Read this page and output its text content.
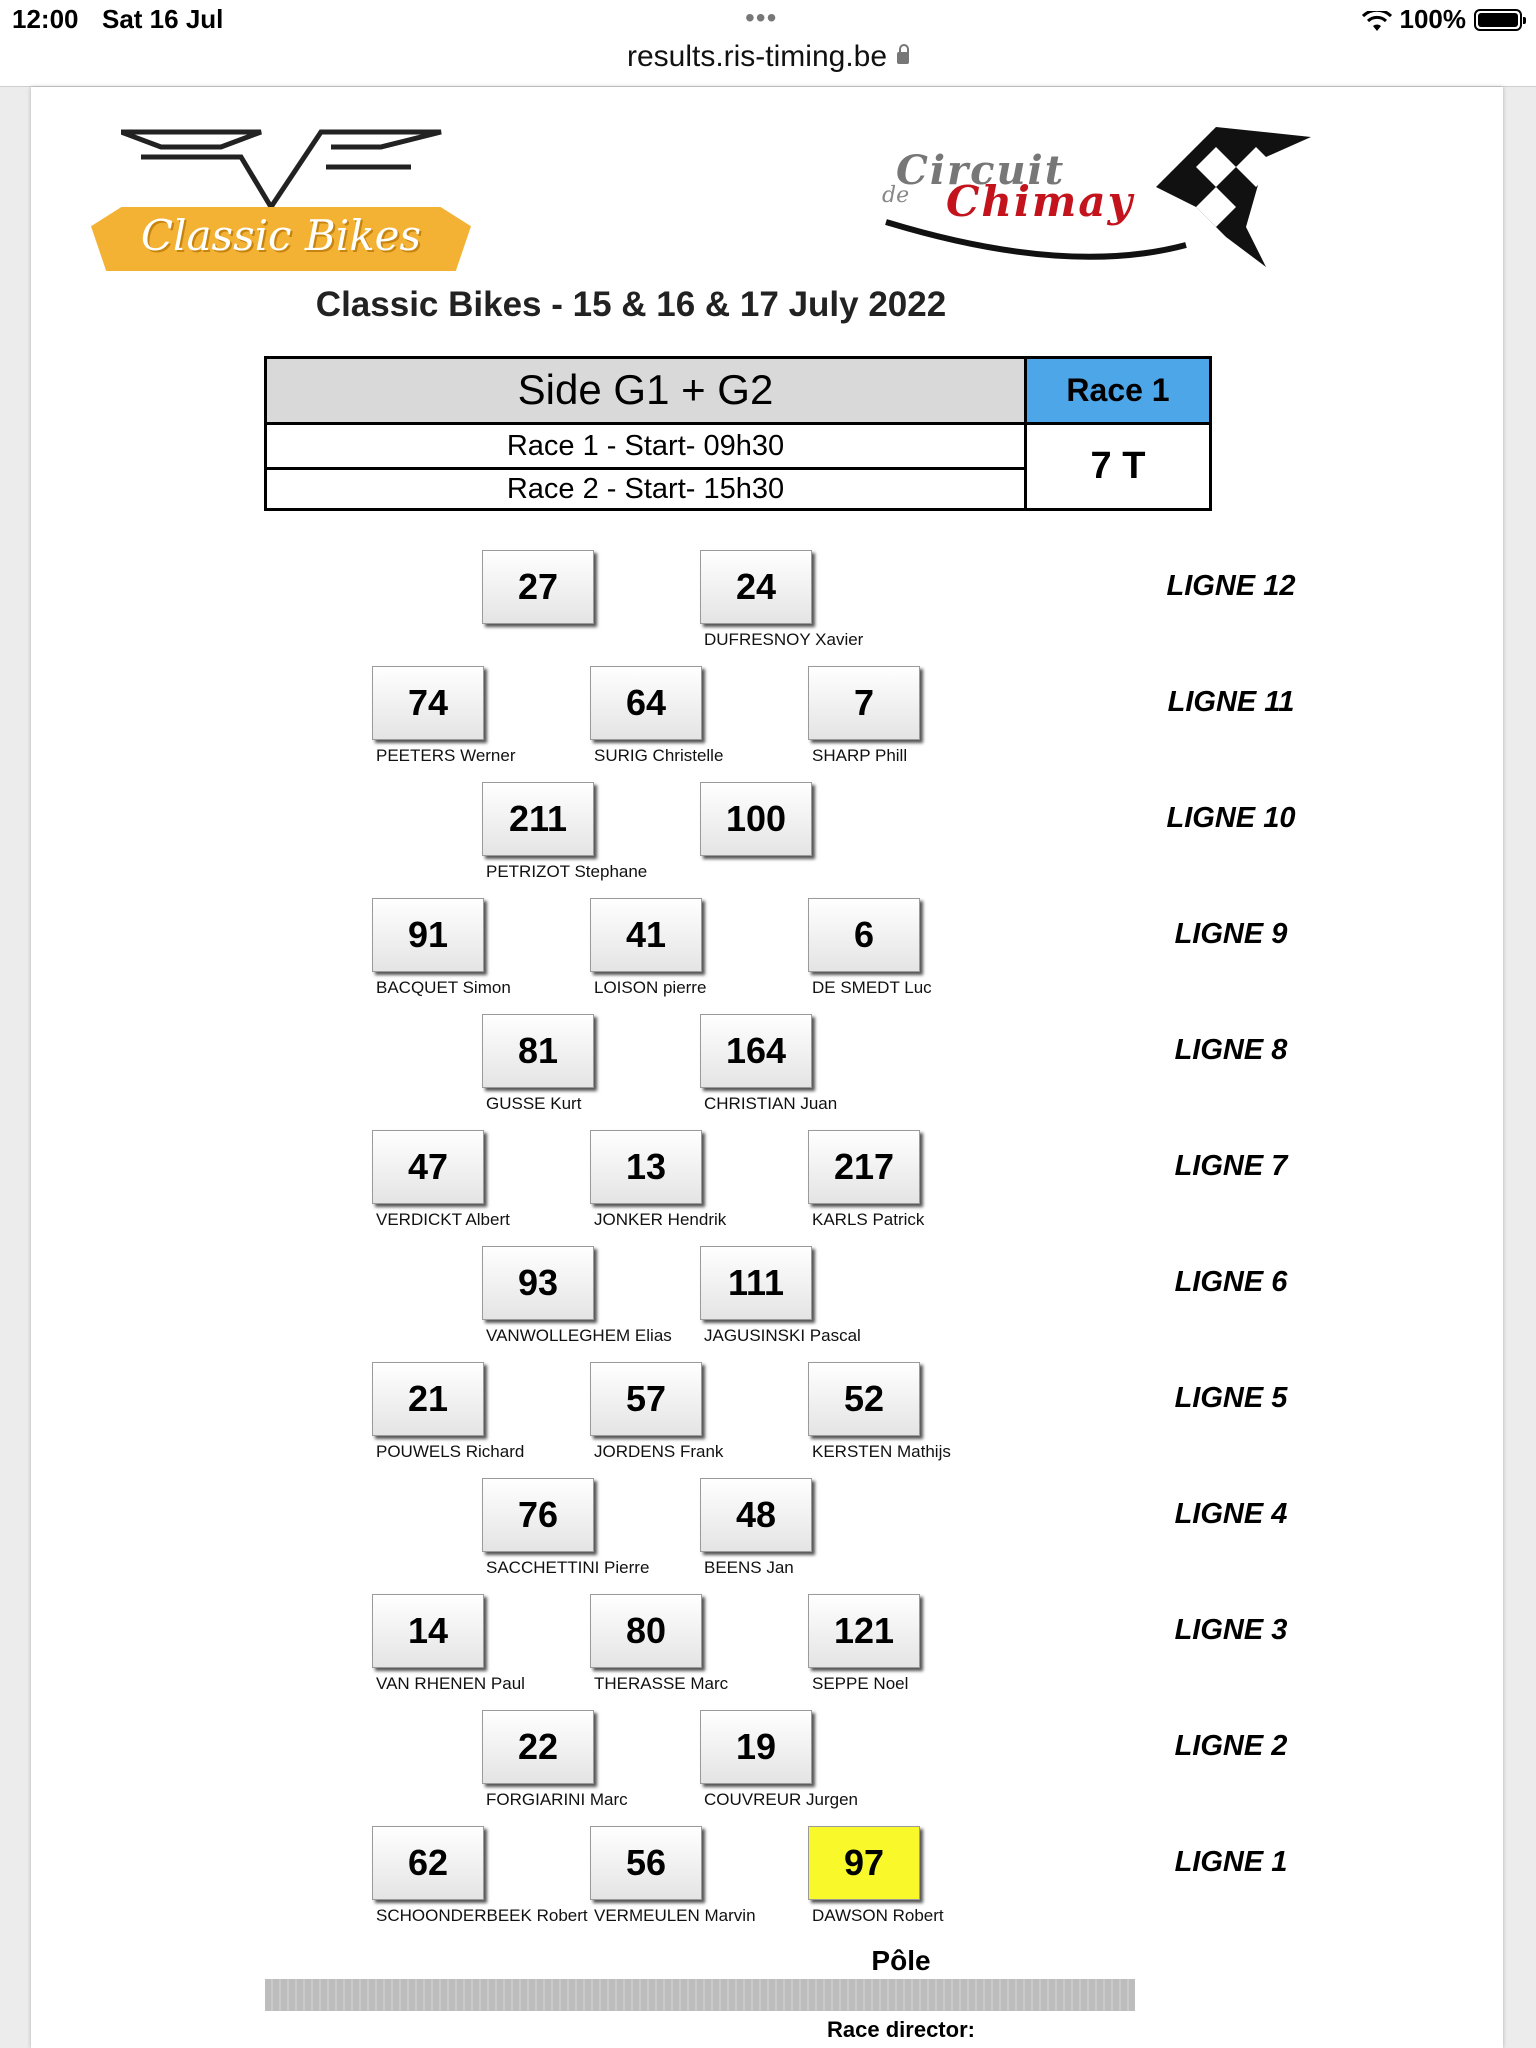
12:00 Sat 16 Jul	•••
results.ris-timing.be
100%
Classic Bikes
Circuit
de Chimay
Classic Bikes - 15 & 16 & 17 July 2022
Side G1 + G2	Race 1
Race 1 - Start- 09h30
Race 2 - Start- 15h30
7 T
LIGNE 12
27	24
DUFRESNOY Xavier
LIGNE 11
74
PEETERS Werner
64
SURIG Christelle
7
SHARP Phill
LIGNE 10
211
PETRIZOT Stephane
100
LIGNE 9
91
BACQUET Simon
41
LOISON pierre
6
DE SMEDT Luc
LIGNE 8
81
GUSSE Kurt
164
CHRISTIAN Juan
LIGNE 7
47
VERDICKT Albert
13
JONKER Hendrik
217
KARLS Patrick
LIGNE 6
93
VANWOLLEGHEM Elias
111
JAGUSINSKI Pascal
LIGNE 5
21
POUWELS Richard
57
JORDENS Frank
52
KERSTEN Mathijs
LIGNE 4
76
SACCHETTINI Pierre
48
BEENS Jan
LIGNE 3
14
VAN RHENEN Paul
80
THERASSE Marc
121
SEPPE Noel
LIGNE 2
22
FORGIARINI Marc
19
COUVREUR Jurgen
LIGNE 1
62
SCHOONDERBEEK Robert
56
VERMEULEN Marvin
97
DAWSON Robert
Pôle
Race director:
